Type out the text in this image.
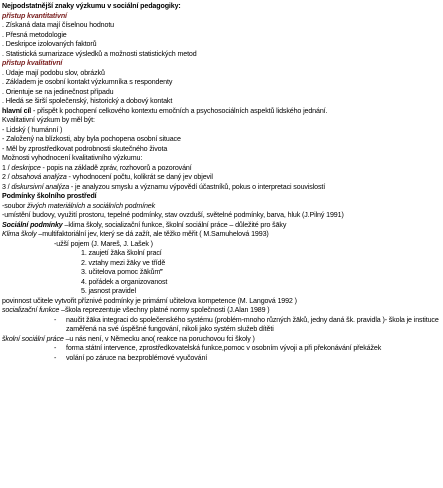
Nejpodstatnější znaky výzkumu v sociální pedagogiky:
přístup kvantitativní
. Získaná data mají číselnou hodnotu
. Přesná metodologie
. Deskripce izolovaných faktorů
. Statistická sumarizace výsledků a možnosti statistických metod
přístup kvalitativní
. Údaje mají podobu slov, obrázků
. Základem je osobní kontakt výzkumníka s respondenty
. Orientuje se na jedinečnost případu
. Hledá se širší společenský, historický a dobový kontakt
hlavní cíl - přispět k pochopení celkového kontextu emočních a psychosociálních aspektů lidského jednání.
Kvalitativní výzkum by měl být:
- Lidský ( humánní )
- Založený na blízkosti, aby byla pochopena osobní situace
- Měl by zprostředkovat podrobnosti skutečného života
Možnosti vyhodnocení kvalitativního výzkumu:
1 / deskripce - popis na základě zpráv, rozhovorů a pozorování
2 / obsahová analýza - vyhodnocení počtu, kolikrát se daný jev objevil
3 / diskursivní analýza - je analyzou smyslu a významu výpovědí účastníků, pokus o interpretaci souvislostí
Podmínky školního prostředí
-soubor živých materiálních a sociálních podmínek
-umístění budovy, využití prostoru, tepelné podmínky, stav ovzduší, světelné podmínky, barva, hluk (J.Pilný 1991)
Sociální podmínky –klima školy, socializační funkce, školní sociální práce – důležité pro šāky
Klima školy –multifaktoriální jev, který se dá zažít, ale těžko měřit ( M.Samuhelová 1993)
-užší pojem (J. Mareš, J. Lašek )
1. zaujetí žāka školní prací
2. vztahy mezi žāky ve třídě
3. učitelova pomoc žākům‴
4. pořádek a organizovanost
5. jasnost pravidel
povinnost učitele vytvořit příznivé podmínky je primární učitelova kompetence (M. Langová 1992 )
socializační funkce –škola reprezentuje všechny platné normy společnosti (J.Alan 1989 )
- naučit žāka integraci do společenského systému (problém-mnoho různých žāků, jedny daná šk. pravidla )- škola je instituce zaměřená na své úspěšné fungování, nikoli jako systém služeb dítěti
školní sociální práce –u nás není, v Německu ano( reakce na poruchovou fci školy )
- forma státní intervence, zprostředkovatelská funkce,pomoc v osobním vývoji a při překonávání překážek
- volání po záruce na bezproblémové vyučování
